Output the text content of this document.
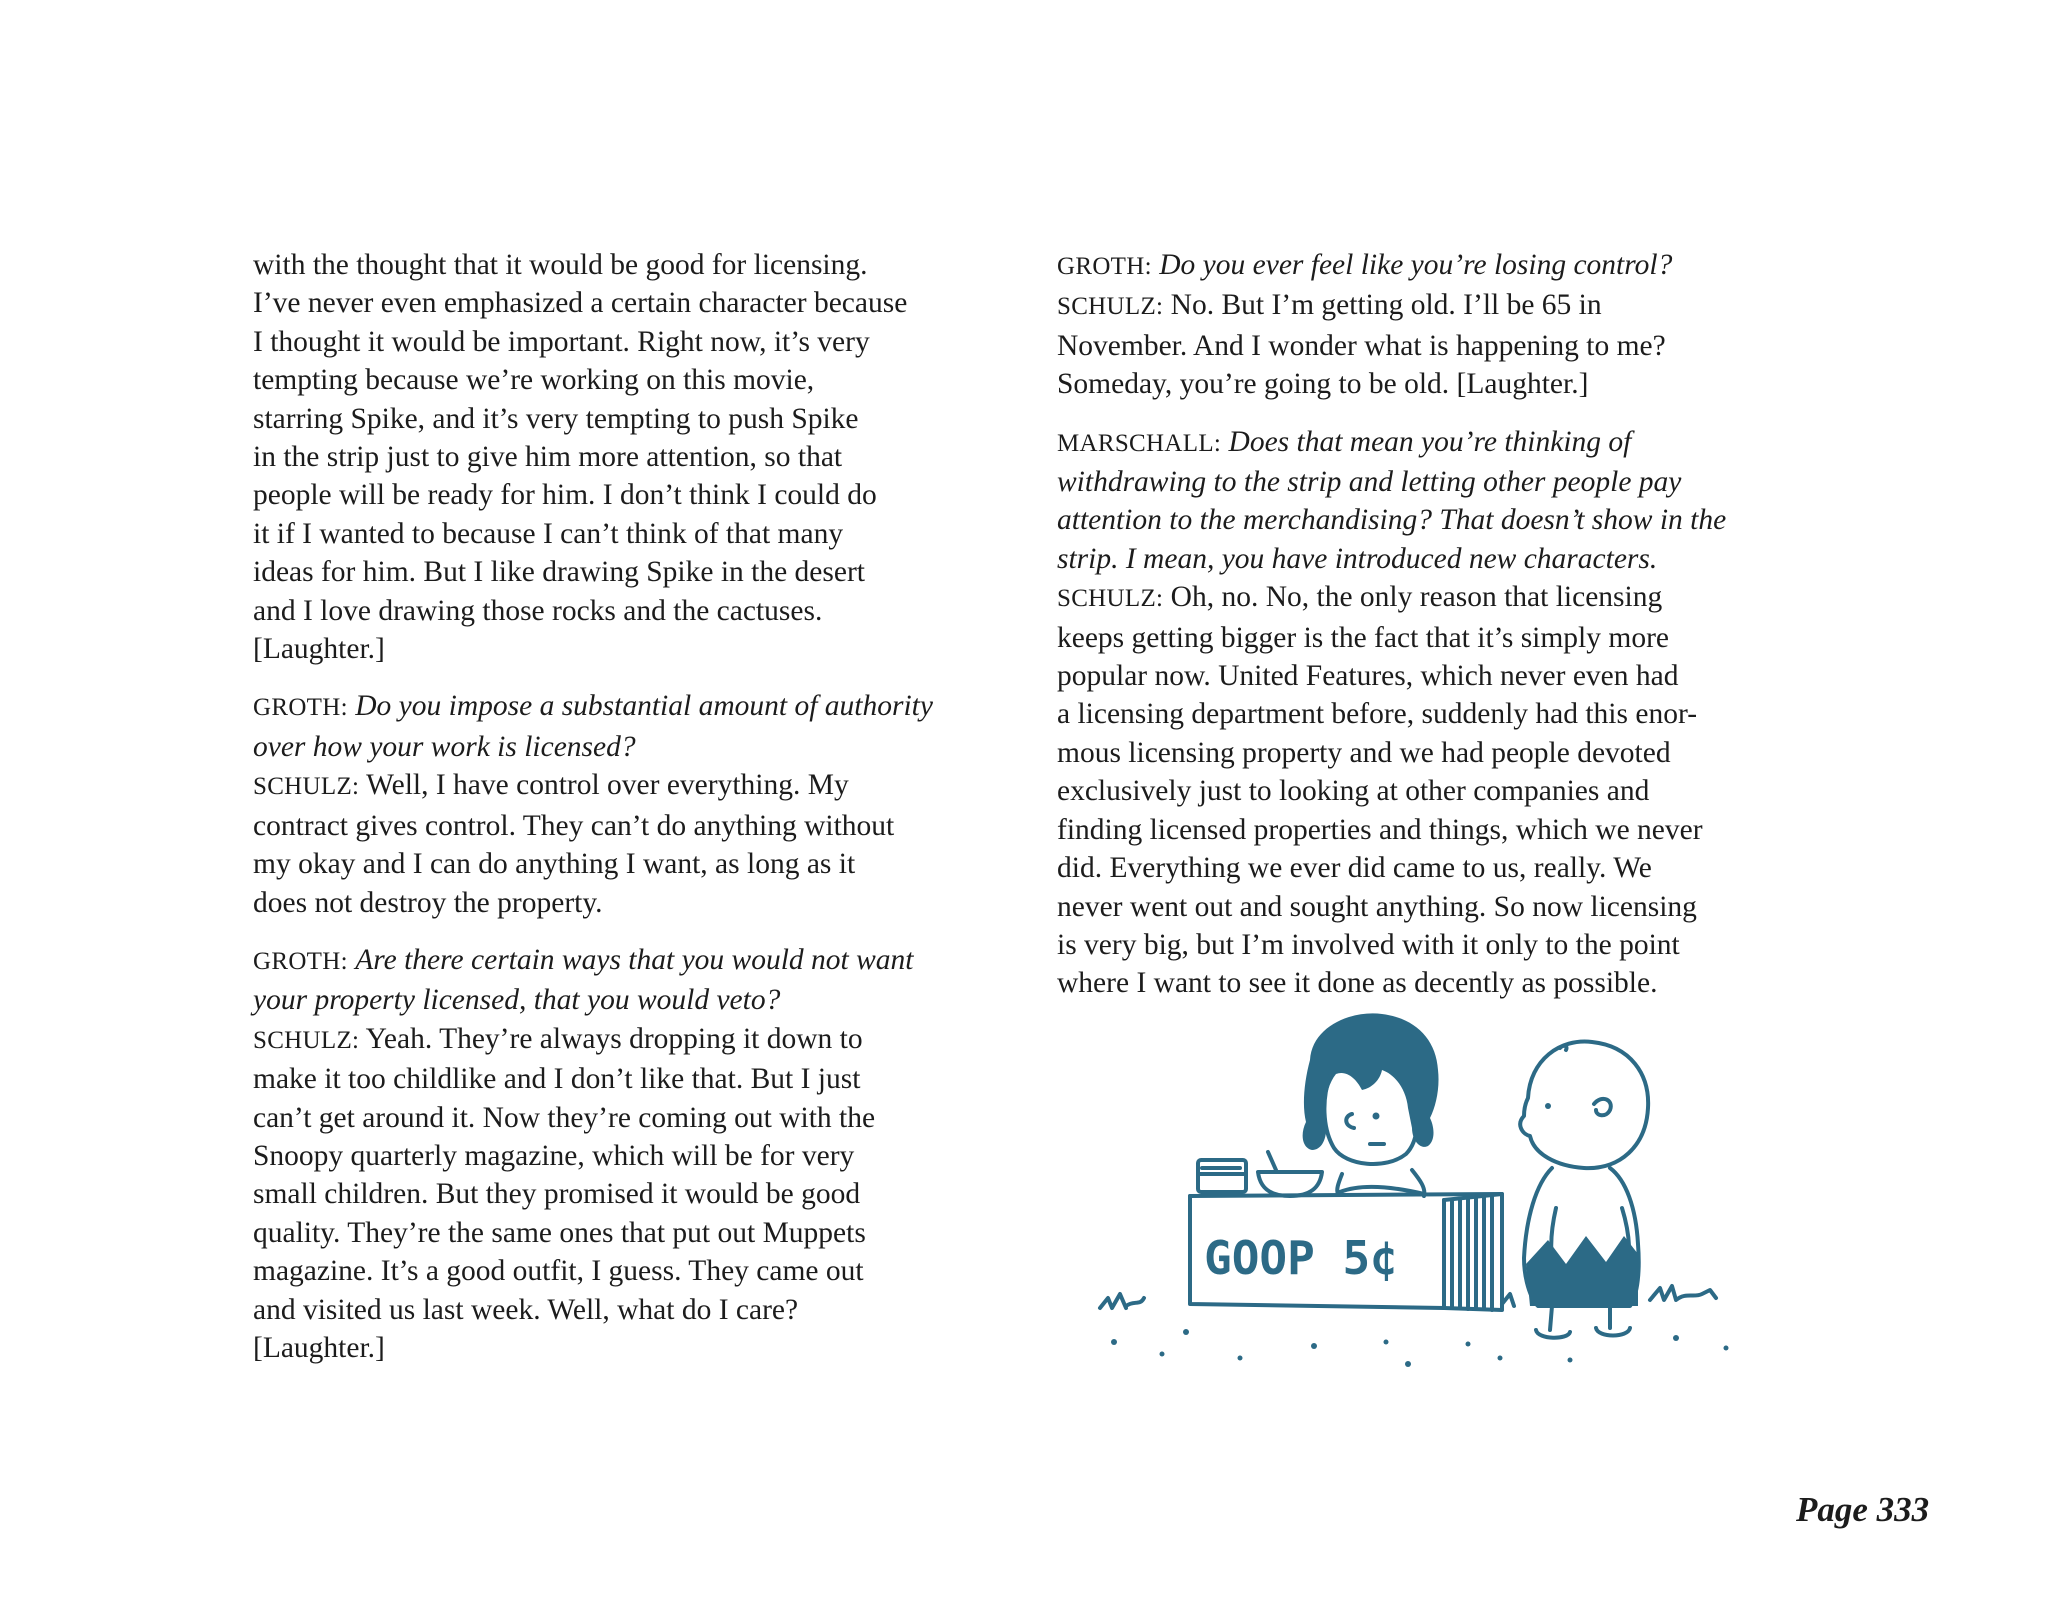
with the thought that it would be good for licensing.
I’ve never even emphasized a certain character because
I thought it would be important. Right now, it’s very
tempting because we’re working on this movie,
starring Spike, and it’s very tempting to push Spike
in the strip just to give him more attention, so that
people will be ready for him. I don’t think I could do
it if I wanted to because I can’t think of that many
ideas for him. But I like drawing Spike in the desert
and I love drawing those rocks and the cactuses.
[Laughter.]
GROTH: Do you impose a substantial amount of authority
over how your work is licensed?
SCHULZ: Well, I have control over everything. My
contract gives control. They can’t do anything without
my okay and I can do anything I want, as long as it
does not destroy the property.
GROTH: Are there certain ways that you would not want
your property licensed, that you would veto?
SCHULZ: Yeah. They’re always dropping it down to
make it too childlike and I don’t like that. But I just
can’t get around it. Now they’re coming out with the
Snoopy quarterly magazine, which will be for very
small children. But they promised it would be good
quality. They’re the same ones that put out Muppets
magazine. It’s a good outfit, I guess. They came out
and visited us last week. Well, what do I care?
[Laughter.]
GROTH: Do you ever feel like you’re losing control?
SCHULZ: No. But I’m getting old. I’ll be 65 in
November. And I wonder what is happening to me?
Someday, you’re going to be old. [Laughter.]
MARSCHALL: Does that mean you’re thinking of
withdrawing to the strip and letting other people pay
attention to the merchandising? That doesn’t show in the
strip. I mean, you have introduced new characters.
SCHULZ: Oh, no. No, the only reason that licensing
keeps getting bigger is the fact that it’s simply more
popular now. United Features, which never even had
a licensing department before, suddenly had this enor-
mous licensing property and we had people devoted
exclusively just to looking at other companies and
finding licensed properties and things, which we never
did. Everything we ever did came to us, really. We
never went out and sought anything. So now licensing
is very big, but I’m involved with it only to the point
where I want to see it done as decently as possible.
GOOP 5¢
Page 333
